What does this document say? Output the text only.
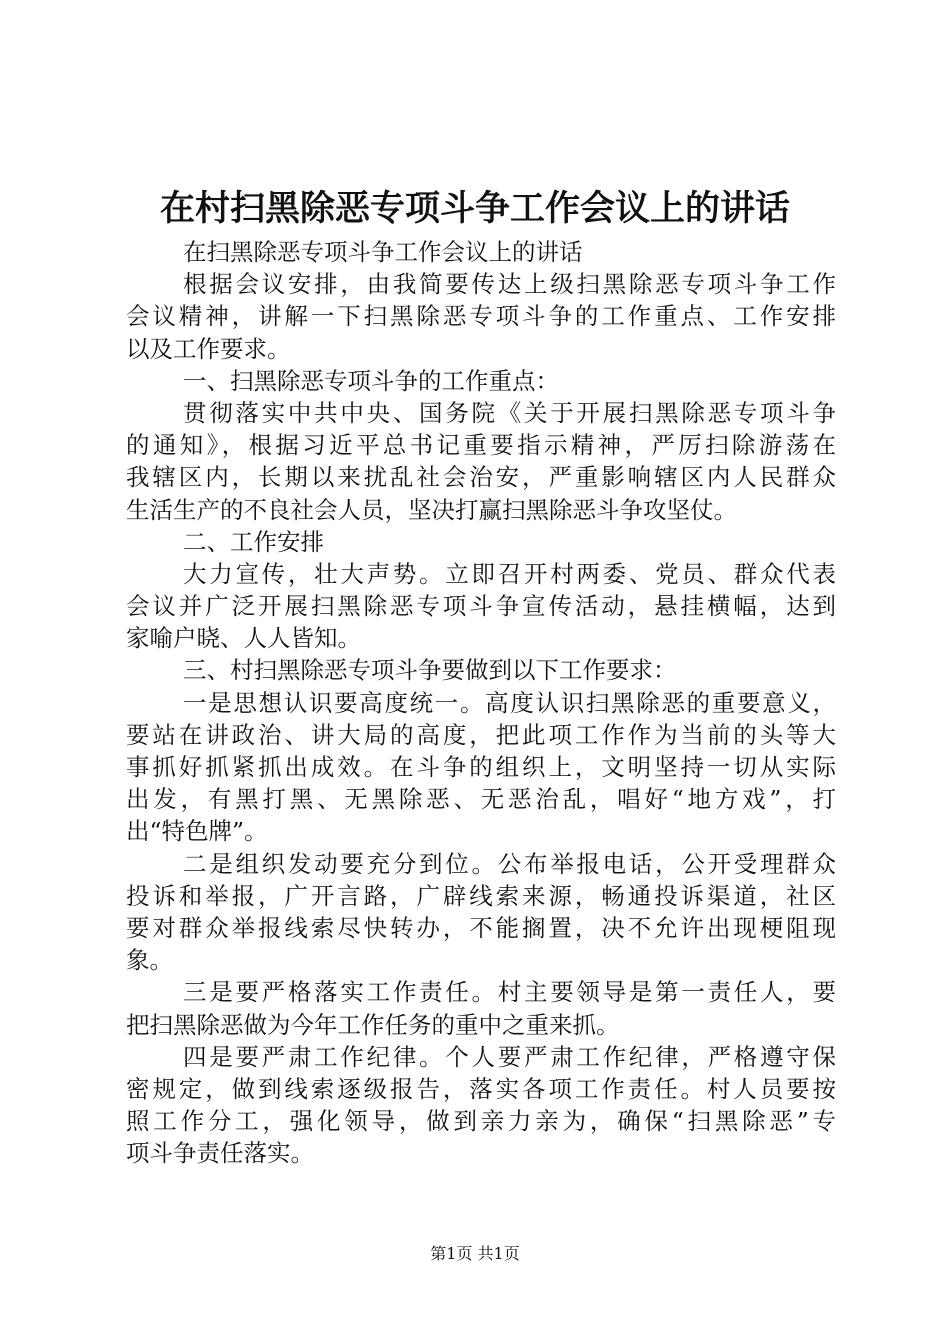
在村扫黑除恶专项斗争工作会议上的讲话
在扫黑除恶专项斗争工作会议上的讲话
根据会议安排，由我简要传达上级扫黑除恶专项斗争工作
会议精神，讲解一下扫黑除恶专项斗争的工作重点、工作安排
以及工作要求。
一、扫黑除恶专项斗争的工作重点：
贯彻落实中共中央、国务院《关于开展扫黑除恶专项斗争
的通知》，根据习近平总书记重要指示精神，严厉扫除游荡在
我辖区内，长期以来扰乱社会治安，严重影响辖区内人民群众
生活生产的不良社会人员，坚决打赢扫黑除恶斗争攻坚仗。
二、工作安排
大力宣传，壮大声势。立即召开村两委、党员、群众代表
会议并广泛开展扫黑除恶专项斗争宣传活动，悬挂横幅，达到
家喻户晓、人人皆知。
三、村扫黑除恶专项斗争要做到以下工作要求：
一是思想认识要高度统一。高度认识扫黑除恶的重要意义，
要站在讲政治、讲大局的高度，把此项工作作为当前的头等大
事抓好抓紧抓出成效。在斗争的组织上，文明坚持一切从实际
出发，有黑打黑、无黑除恶、无恶治乱，唱好“地方戏”，打
出“特色牌”。
二是组织发动要充分到位。公布举报电话，公开受理群众
投诉和举报，广开言路，广辟线索来源，畅通投诉渠道，社区
要对群众举报线索尽快转办，不能搁置，决不允许出现梗阻现
象。
三是要严格落实工作责任。村主要领导是第一责任人，要
把扫黑除恶做为今年工作任务的重中之重来抓。
四是要严肃工作纪律。个人要严肃工作纪律，严格遵守保
密规定，做到线索逐级报告，落实各项工作责任。村人员要按
照工作分工，强化领导，做到亲力亲为，确保“扫黑除恶”专
项斗争责任落实。
第1页 共1页
